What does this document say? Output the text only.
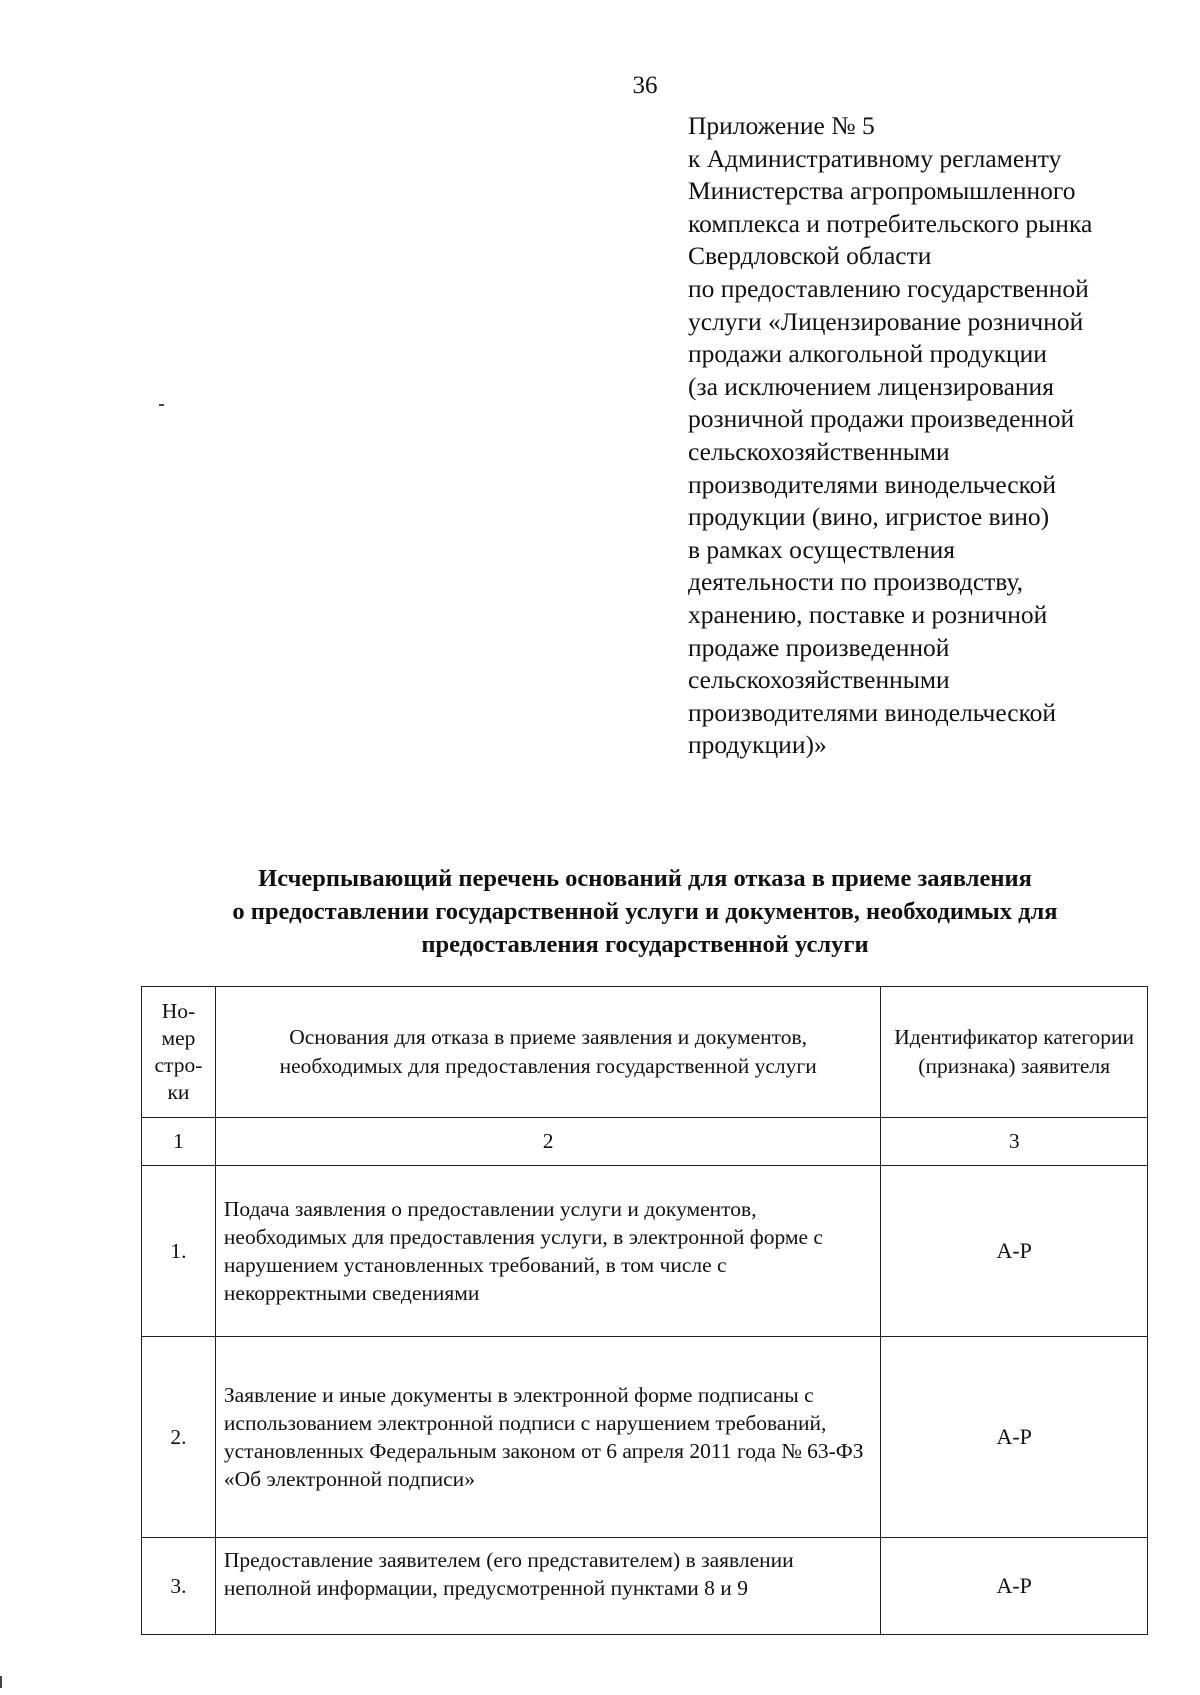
36
Приложение № 5
к Административному регламенту
Министерства агропромышленного
комплекса и потребительского рынка
Свердловской области
по предоставлению государственной
услуги «Лицензирование розничной
продажи алкогольной продукции
(за исключением лицензирования
розничной продажи произведенной
сельскохозяйственными
производителями винодельческой
продукции (вино, игристое вино)
в рамках осуществления
деятельности по производству,
хранению, поставке и розничной
продаже произведенной
сельскохозяйственными
производителями винодельческой
продукции)»
Исчерпывающий перечень оснований для отказа в приеме заявления
о предоставлении государственной услуги и документов, необходимых для
предоставления государственной услуги
Но-
мер
стро-
ки	Основания для отказа в приеме заявления и документов, необходимых для предоставления государственной услуги	Идентификатор категории (признака) заявителя
1	2	3
1.	Подача заявления о предоставлении услуги и документов, необходимых для предоставления услуги, в электронной форме с нарушением установленных требований, в том числе с некорректными сведениями	А-Р
2.	Заявление и иные документы в электронной форме подписаны с использованием электронной подписи с нарушением требований, установленных Федеральным законом от 6 апреля 2011 года № 63-ФЗ «Об электронной подписи»	А-Р
3.	Предоставление заявителем (его представителем) в заявлении неполной информации, предусмотренной пунктами 8 и 9	А-Р
